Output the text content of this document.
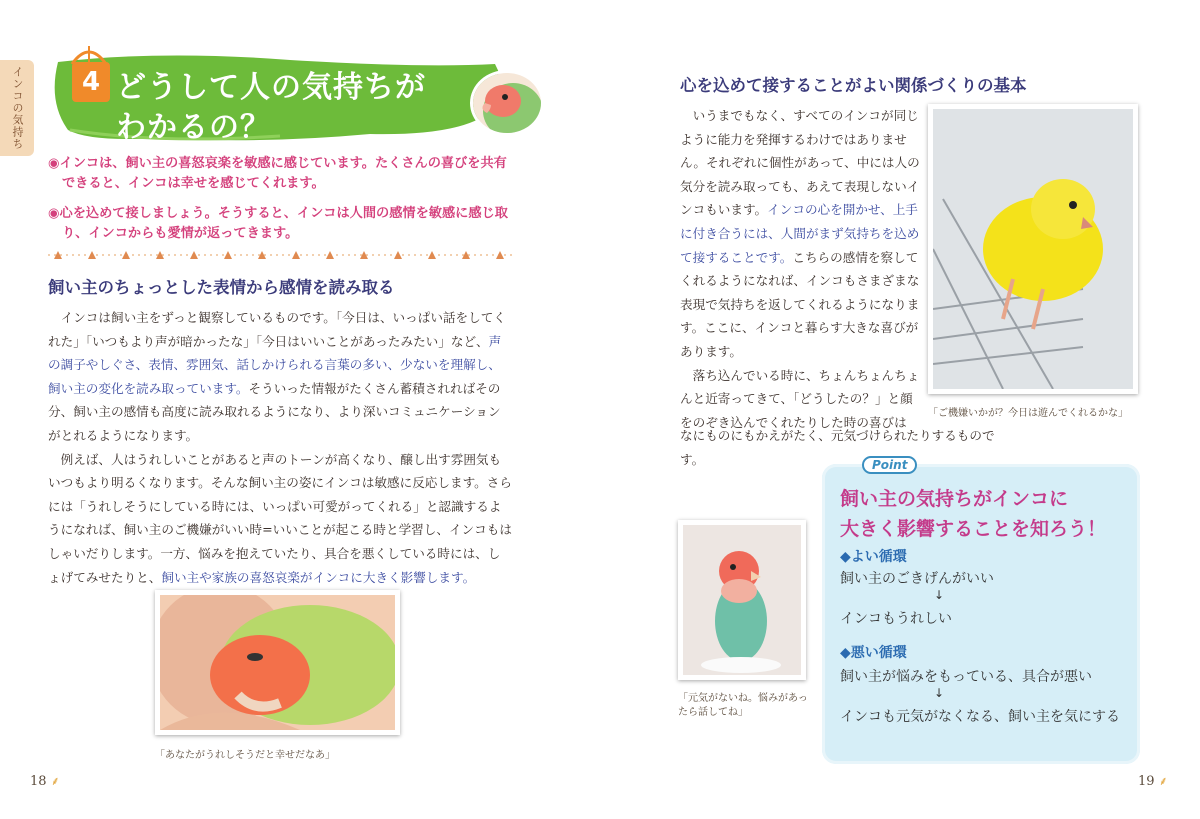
インコの気持ち	4 どうして人の気持ちが
わかるの？
◉インコは、飼い主の喜怒哀楽を敏感に感じています。たくさんの喜びを共有できると、インコは幸せを感じてくれます。
◉心を込めて接しましょう。そうすると、インコは人間の感情を敏感に感じ取り、インコからも愛情が返ってきます。
飼い主のちょっとした表情から感情を読み取る

インコは飼い主をずっと観察しているものです。「今日は、いっぱい話をしてくれた」「いつもより声が暗かったな」「今日はいいことがあったみたい」など、声の調子やしぐさ、表情、雰囲気、話しかけられる言葉の多い、少ないを理解し、飼い主の変化を読み取っています。そういった情報がたくさん蓄積されればその分、飼い主の感情も高度に読み取れるようになり、より深いコミュニケーションがとれるようになります。

例えば、人はうれしいことがあると声のトーンが高くなり、醸し出す雰囲気もいつもより明るくなります。そんな飼い主の姿にインコは敏感に反応します。さらには「うれしそうにしている時には、いっぱい可愛がってくれる」と認識するようになれば、飼い主のご機嫌がいい時=いいことが起こる時と学習し、インコもはしゃいだりします。一方、悩みを抱えていたり、具合を悪くしている時には、しょげてみせたりと、飼い主や家族の喜怒哀楽がインコに大きく影響します。

「あなたがうれしそうだと幸せだなあ」
18 ⸙
心を込めて接することがよい関係づくりの基本

いうまでもなく、すべてのインコが同じように能力を発揮するわけではありません。それぞれに個性があって、中には人の気分を読み取っても、あえて表現しないインコもいます。インコの心を開かせ、上手に付き合うには、人間がまず気持ちを込めて接することです。こちらの感情を察してくれるようになれば、インコもさまざまな表現で気持ちを返してくれるようになります。ここに、インコと暮らす大きな喜びがあります。

落ち込んでいる時に、ちょんちょんちょんと近寄ってきて、「どうしたの？」と顔をのぞき込んでくれたりした時の喜びは

なにものにもかえがたく、元気づけられたりするものです。
「ご機嫌いかが？今日は遊んでくれるかな」
「元気がないね。悩みがあったら話してね」
Point
飼い主の気持ちがインコに
大きく影響することを知ろう！
◆よい循環
飼い主のごきげんがいい
↓
インコもうれしい
◆悪い循環
飼い主が悩みをもっている、具合が悪い
↓
インコも元気がなくなる、飼い主を気にする
19 ⸙
